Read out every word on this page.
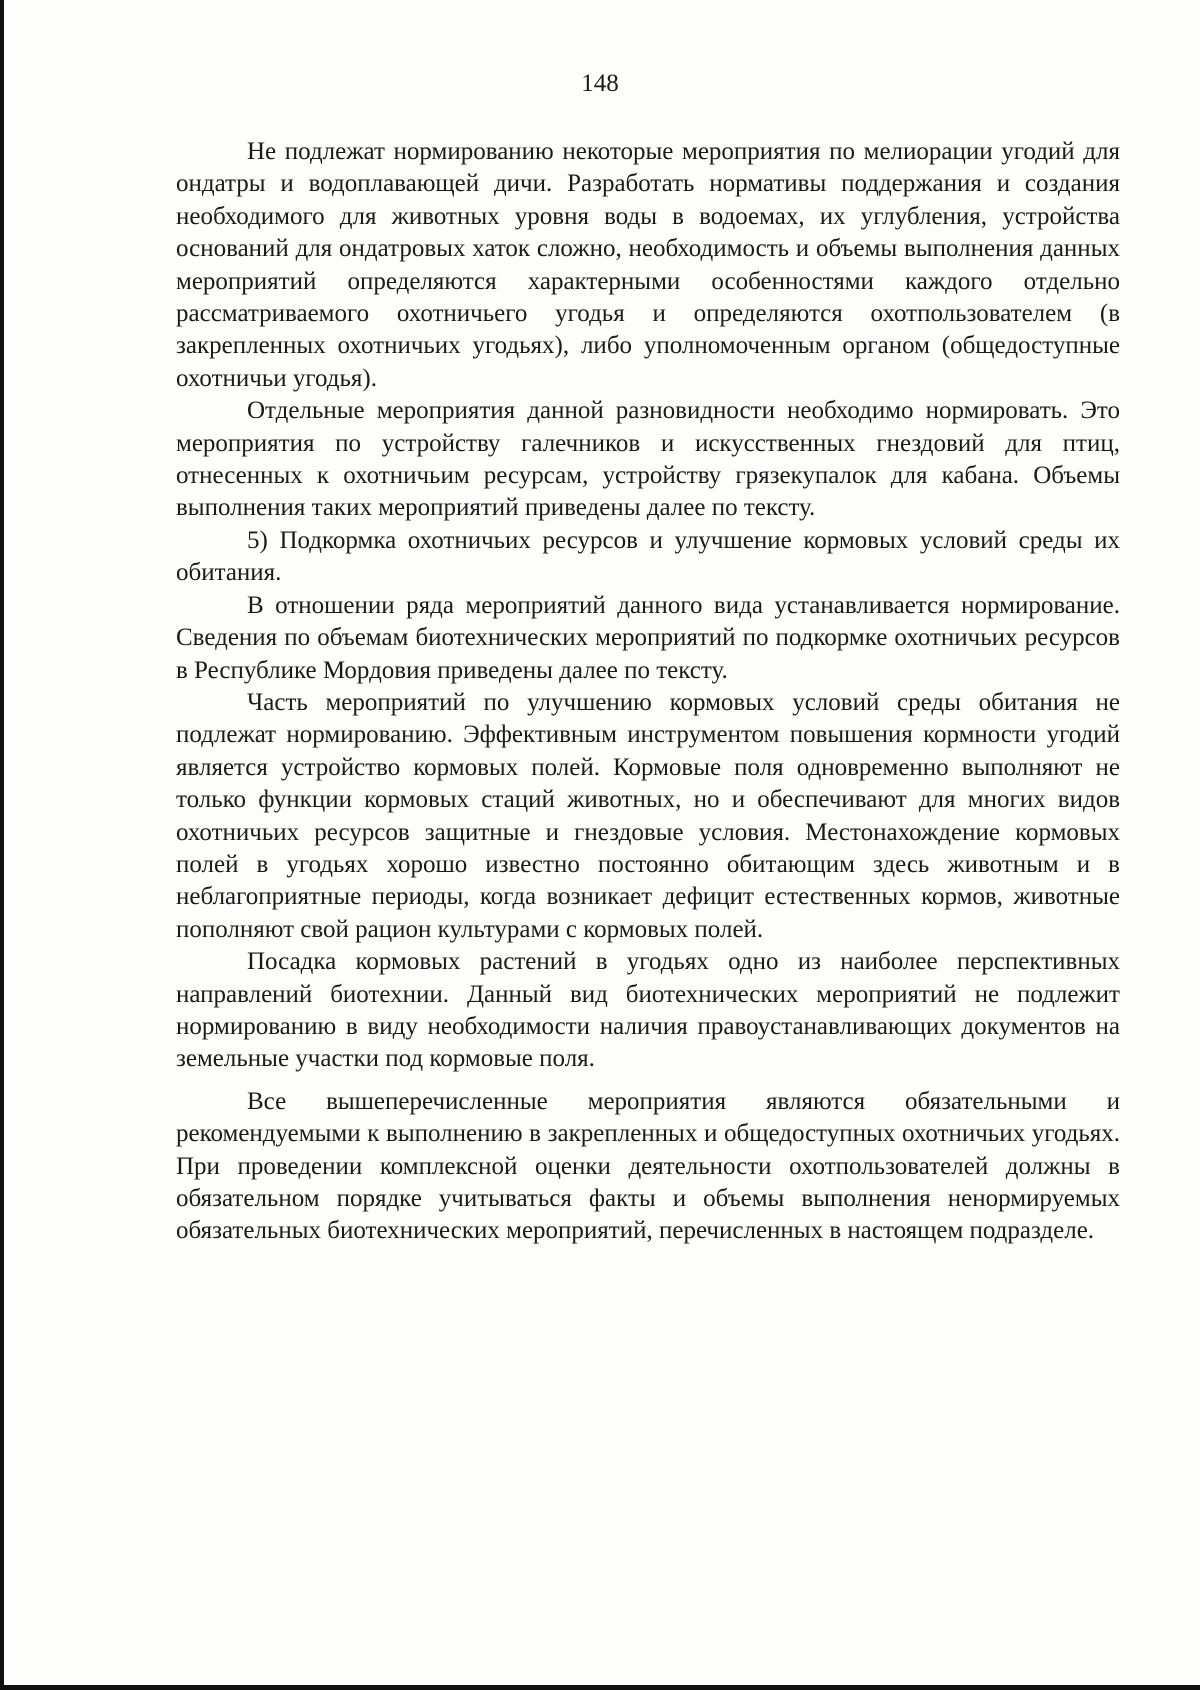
148

Не подлежат нормированию некоторые мероприятия по мелиорации угодий для ондатры и водоплавающей дичи. Разработать нормативы поддержания и создания необходимого для животных уровня воды в водоемах, их углубления, устройства оснований для ондатровых хаток сложно, необходимость и объемы выполнения данных мероприятий определяются характерными особенностями каждого отдельно рассматриваемого охотничьего угодья и определяются охотпользователем (в закрепленных охотничьих угодьях), либо уполномоченным органом (общедоступные охотничьи угодья).

Отдельные мероприятия данной разновидности необходимо нормировать. Это мероприятия по устройству галечников и искусственных гнездовий для птиц, отнесенных к охотничьим ресурсам, устройству грязекупалок для кабана. Объемы выполнения таких мероприятий приведены далее по тексту.

5) Подкормка охотничьих ресурсов и улучшение кормовых условий среды их обитания.

В отношении ряда мероприятий данного вида устанавливается нормирование. Сведения по объемам биотехнических мероприятий по подкормке охотничьих ресурсов в Республике Мордовия приведены далее по тексту.

Часть мероприятий по улучшению кормовых условий среды обитания не подлежат нормированию. Эффективным инструментом повышения кормности угодий является устройство кормовых полей. Кормовые поля одновременно выполняют не только функции кормовых стаций животных, но и обеспечивают для многих видов охотничьих ресурсов защитные и гнездовые условия. Местонахождение кормовых полей в угодьях хорошо известно постоянно обитающим здесь животным и в неблагоприятные периоды, когда возникает дефицит естественных кормов, животные пополняют свой рацион культурами с кормовых полей.

Посадка кормовых растений в угодьях одно из наиболее перспективных направлений биотехнии. Данный вид биотехнических мероприятий не подлежит нормированию в виду необходимости наличия правоустанавливающих документов на земельные участки под кормовые поля.

Все вышеперечисленные мероприятия являются обязательными и рекомендуемыми к выполнению в закрепленных и общедоступных охотничьих угодьях. При проведении комплексной оценки деятельности охотпользователей должны в обязательном порядке учитываться факты и объемы выполнения ненормируемых обязательных биотехнических мероприятий, перечисленных в настоящем подразделе.
